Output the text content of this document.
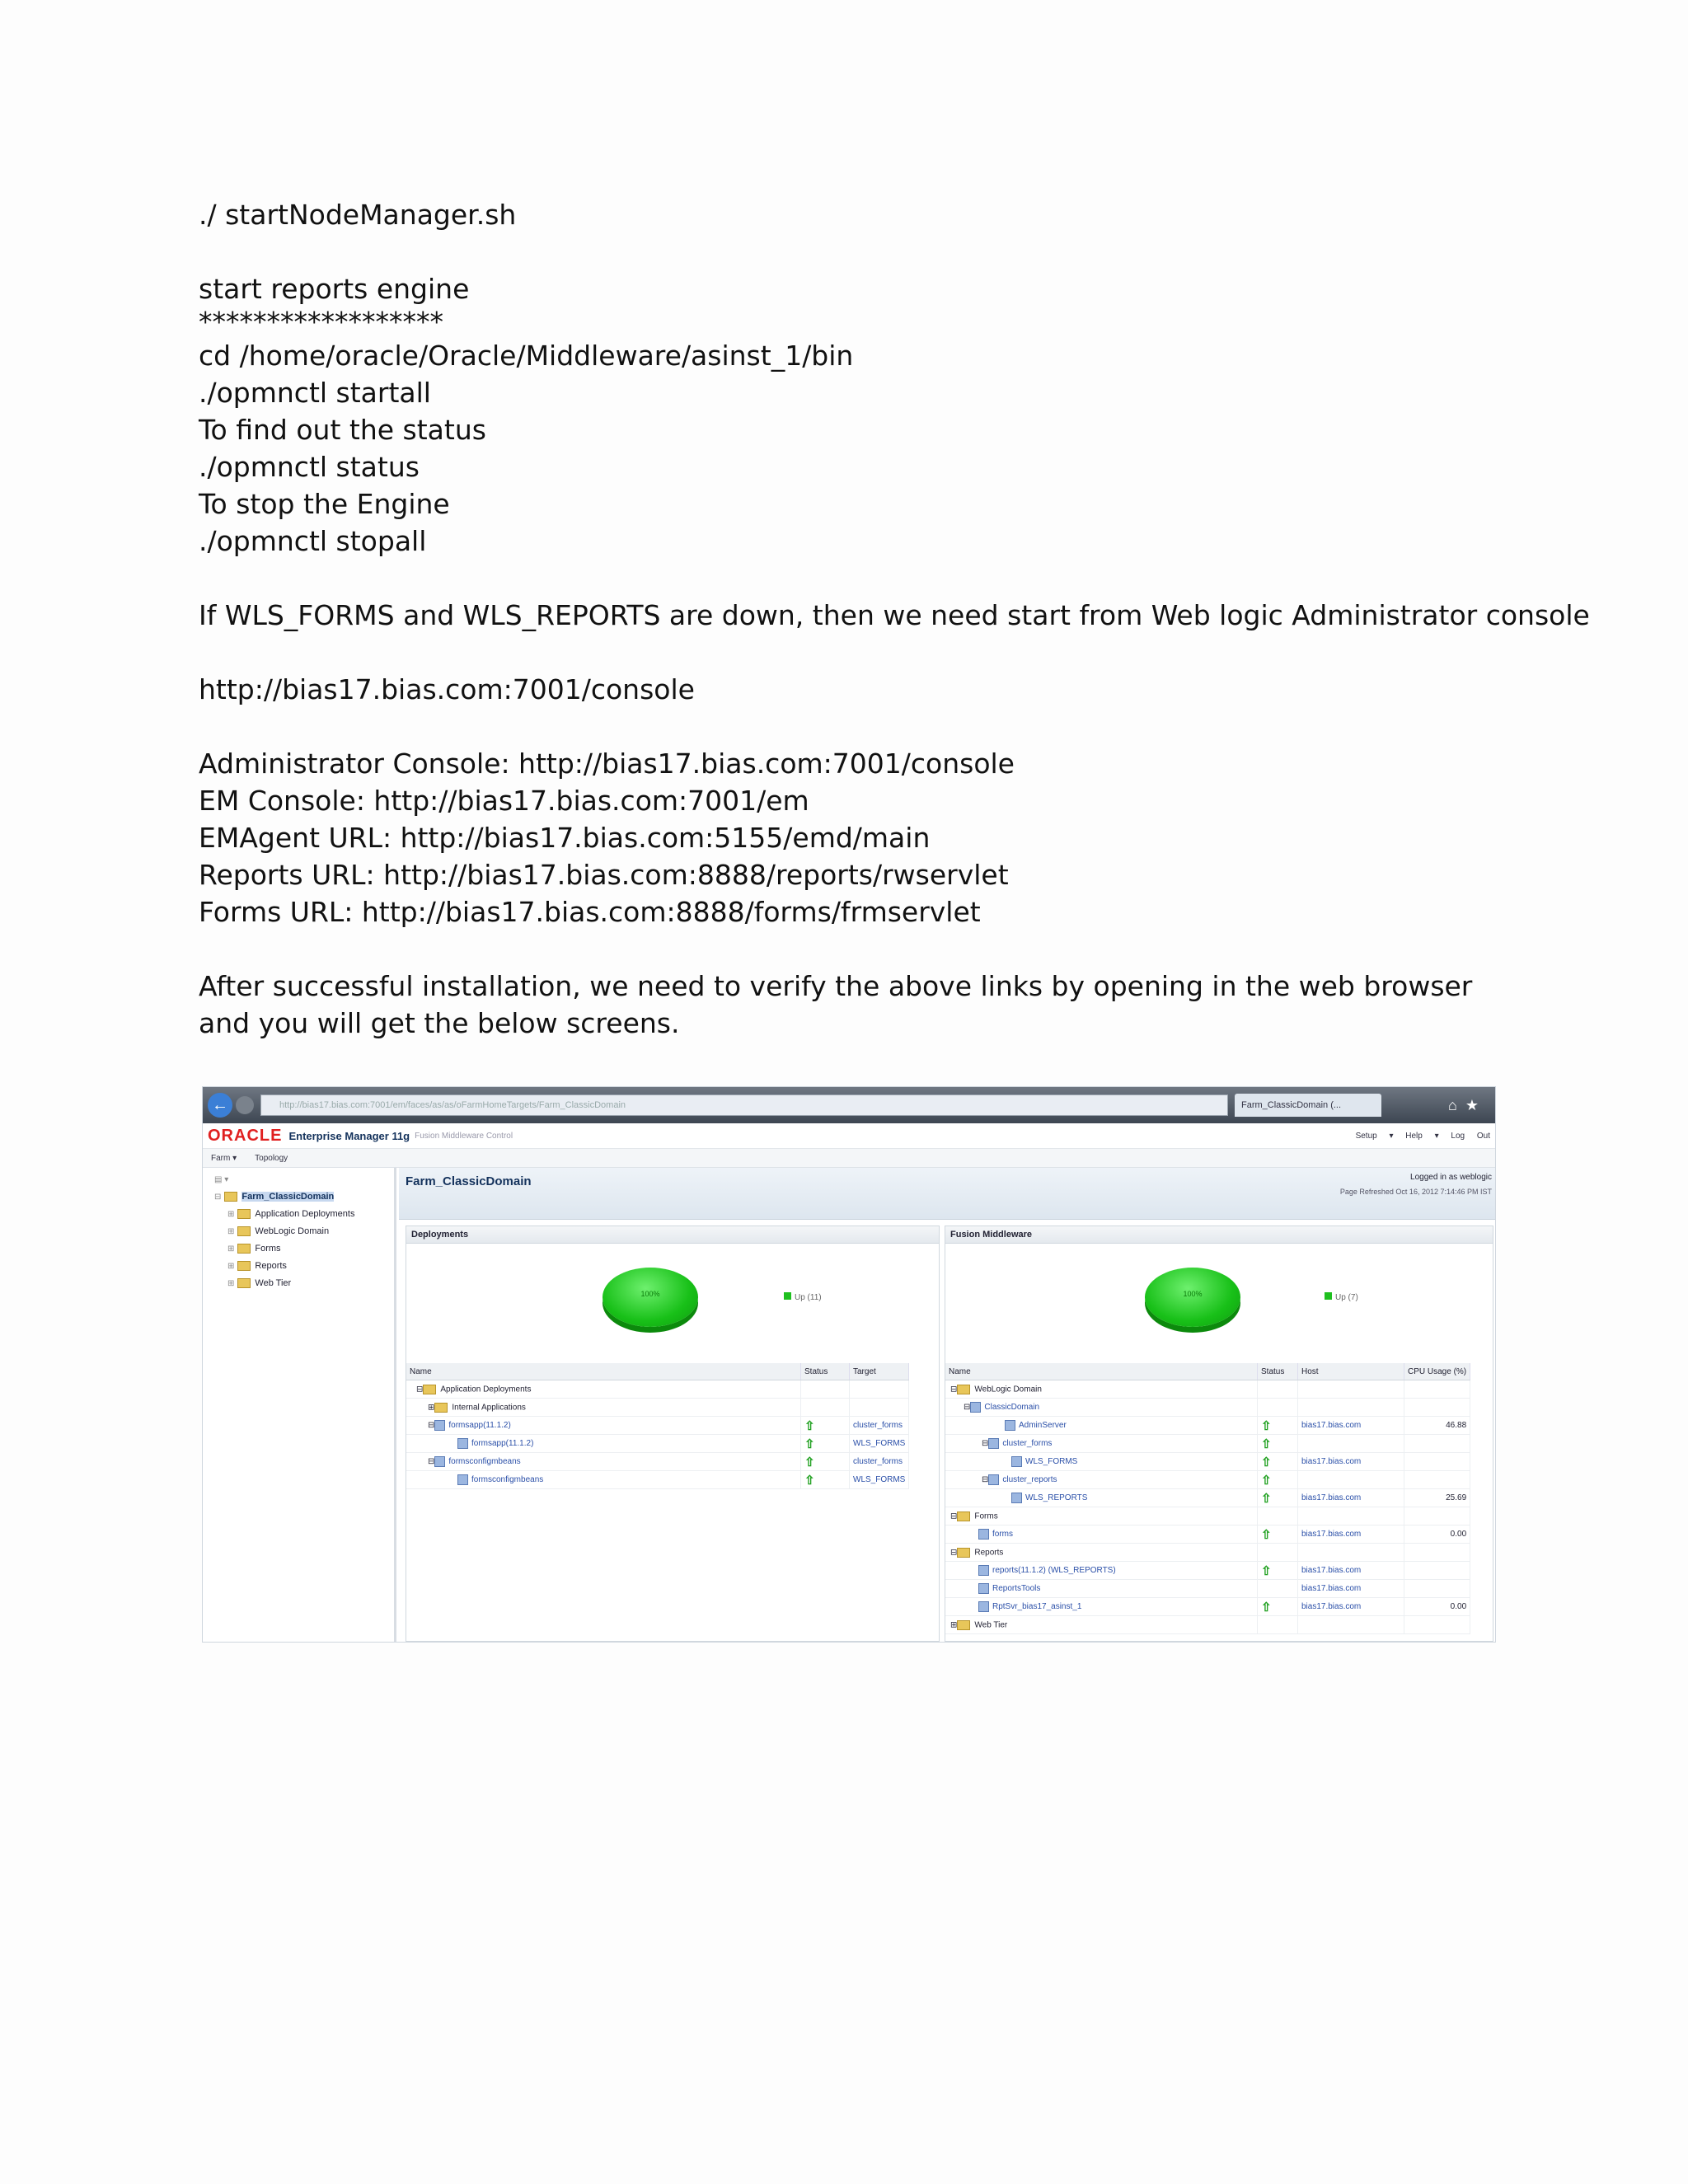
./ startNodeManager.sh
start reports engine
******************
cd /home/oracle/Oracle/Middleware/asinst_1/bin
./opmnctl startall
To find out the status
./opmnctl status
To stop the Engine
./opmnctl stopall
If WLS_FORMS and WLS_REPORTS are down, then we need start from Web logic Administrator console
http://bias17.bias.com:7001/console
Administrator Console: http://bias17.bias.com:7001/console
EM Console: http://bias17.bias.com:7001/em
EMAgent URL: http://bias17.bias.com:5155/emd/main
Reports URL: http://bias17.bias.com:8888/reports/rwservlet
Forms URL: http://bias17.bias.com:8888/forms/frmservlet
After successful installation, we need to verify the above links by opening in the web browser and you will get the below screens.
←	http://bias17.bias.com:7001/em/faces/as/as/oFarmHomeTargets/Farm_ClassicDomain	Farm_ClassicDomain (...	⌂★
ORACLE Enterprise Manager 11g Fusion Middleware Control	Setup ▾ Help ▾ Log Out
Farm ▾ Topology
▤ ▾
⊟ Farm_ClassicDomain
⊞ Application Deployments
⊞ WebLogic Domain
⊞ Forms
⊞ Reports
⊞ Web Tier
Farm_ClassicDomain	Logged in as weblogic
Page Refreshed Oct 16, 2012 7:14:46 PM IST
Deployments
100%	Up (11)
Name	Status	Target
⊟ Application Deployments		
⊞ Internal Applications		
⊟ formsapp(11.1.2)	⇧	cluster_forms
formsapp(11.1.2)	⇧	WLS_FORMS
⊟ formsconfigmbeans	⇧	cluster_forms
formsconfigmbeans	⇧	WLS_FORMS
Fusion Middleware
100%	Up (7)
Name	Status	Host	CPU Usage (%)
⊟ WebLogic Domain			
⊟ ClassicDomain			
AdminServer	⇧	bias17.bias.com	46.88
⊟ cluster_forms	⇧		
WLS_FORMS	⇧	bias17.bias.com	
⊟ cluster_reports	⇧		
WLS_REPORTS	⇧	bias17.bias.com	25.69
⊟ Forms			
forms	⇧	bias17.bias.com	0.00
⊟ Reports			
reports(11.1.2) (WLS_REPORTS)	⇧	bias17.bias.com	
ReportsTools		bias17.bias.com	
RptSvr_bias17_asinst_1	⇧	bias17.bias.com	0.00
⊞ Web Tier			
